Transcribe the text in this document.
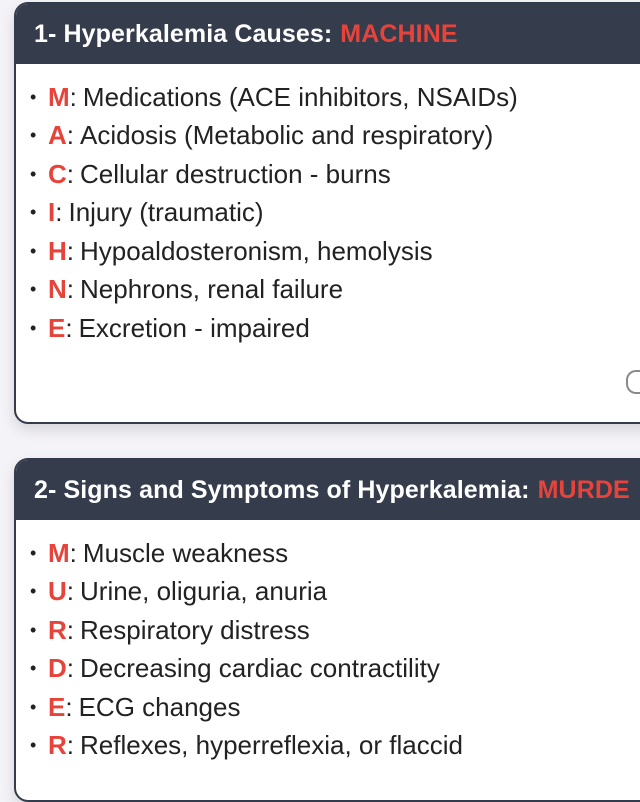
1- Hyperkalemia Causes: MACHINE
• M : Medications (ACE inhibitors, NSAIDs)
• A : Acidosis (Metabolic and respiratory)
• C : Cellular destruction - burns
• I : Injury (traumatic)
• H : Hypoaldosteronism, hemolysis
• N : Nephrons, renal failure
• E : Excretion - impaired
2- Signs and Symptoms of Hyperkalemia: MURDE
• M : Muscle weakness
• U : Urine, oliguria, anuria
• R : Respiratory distress
• D : Decreasing cardiac contractility
• E : ECG changes
• R : Reflexes, hyperreflexia, or flaccid
